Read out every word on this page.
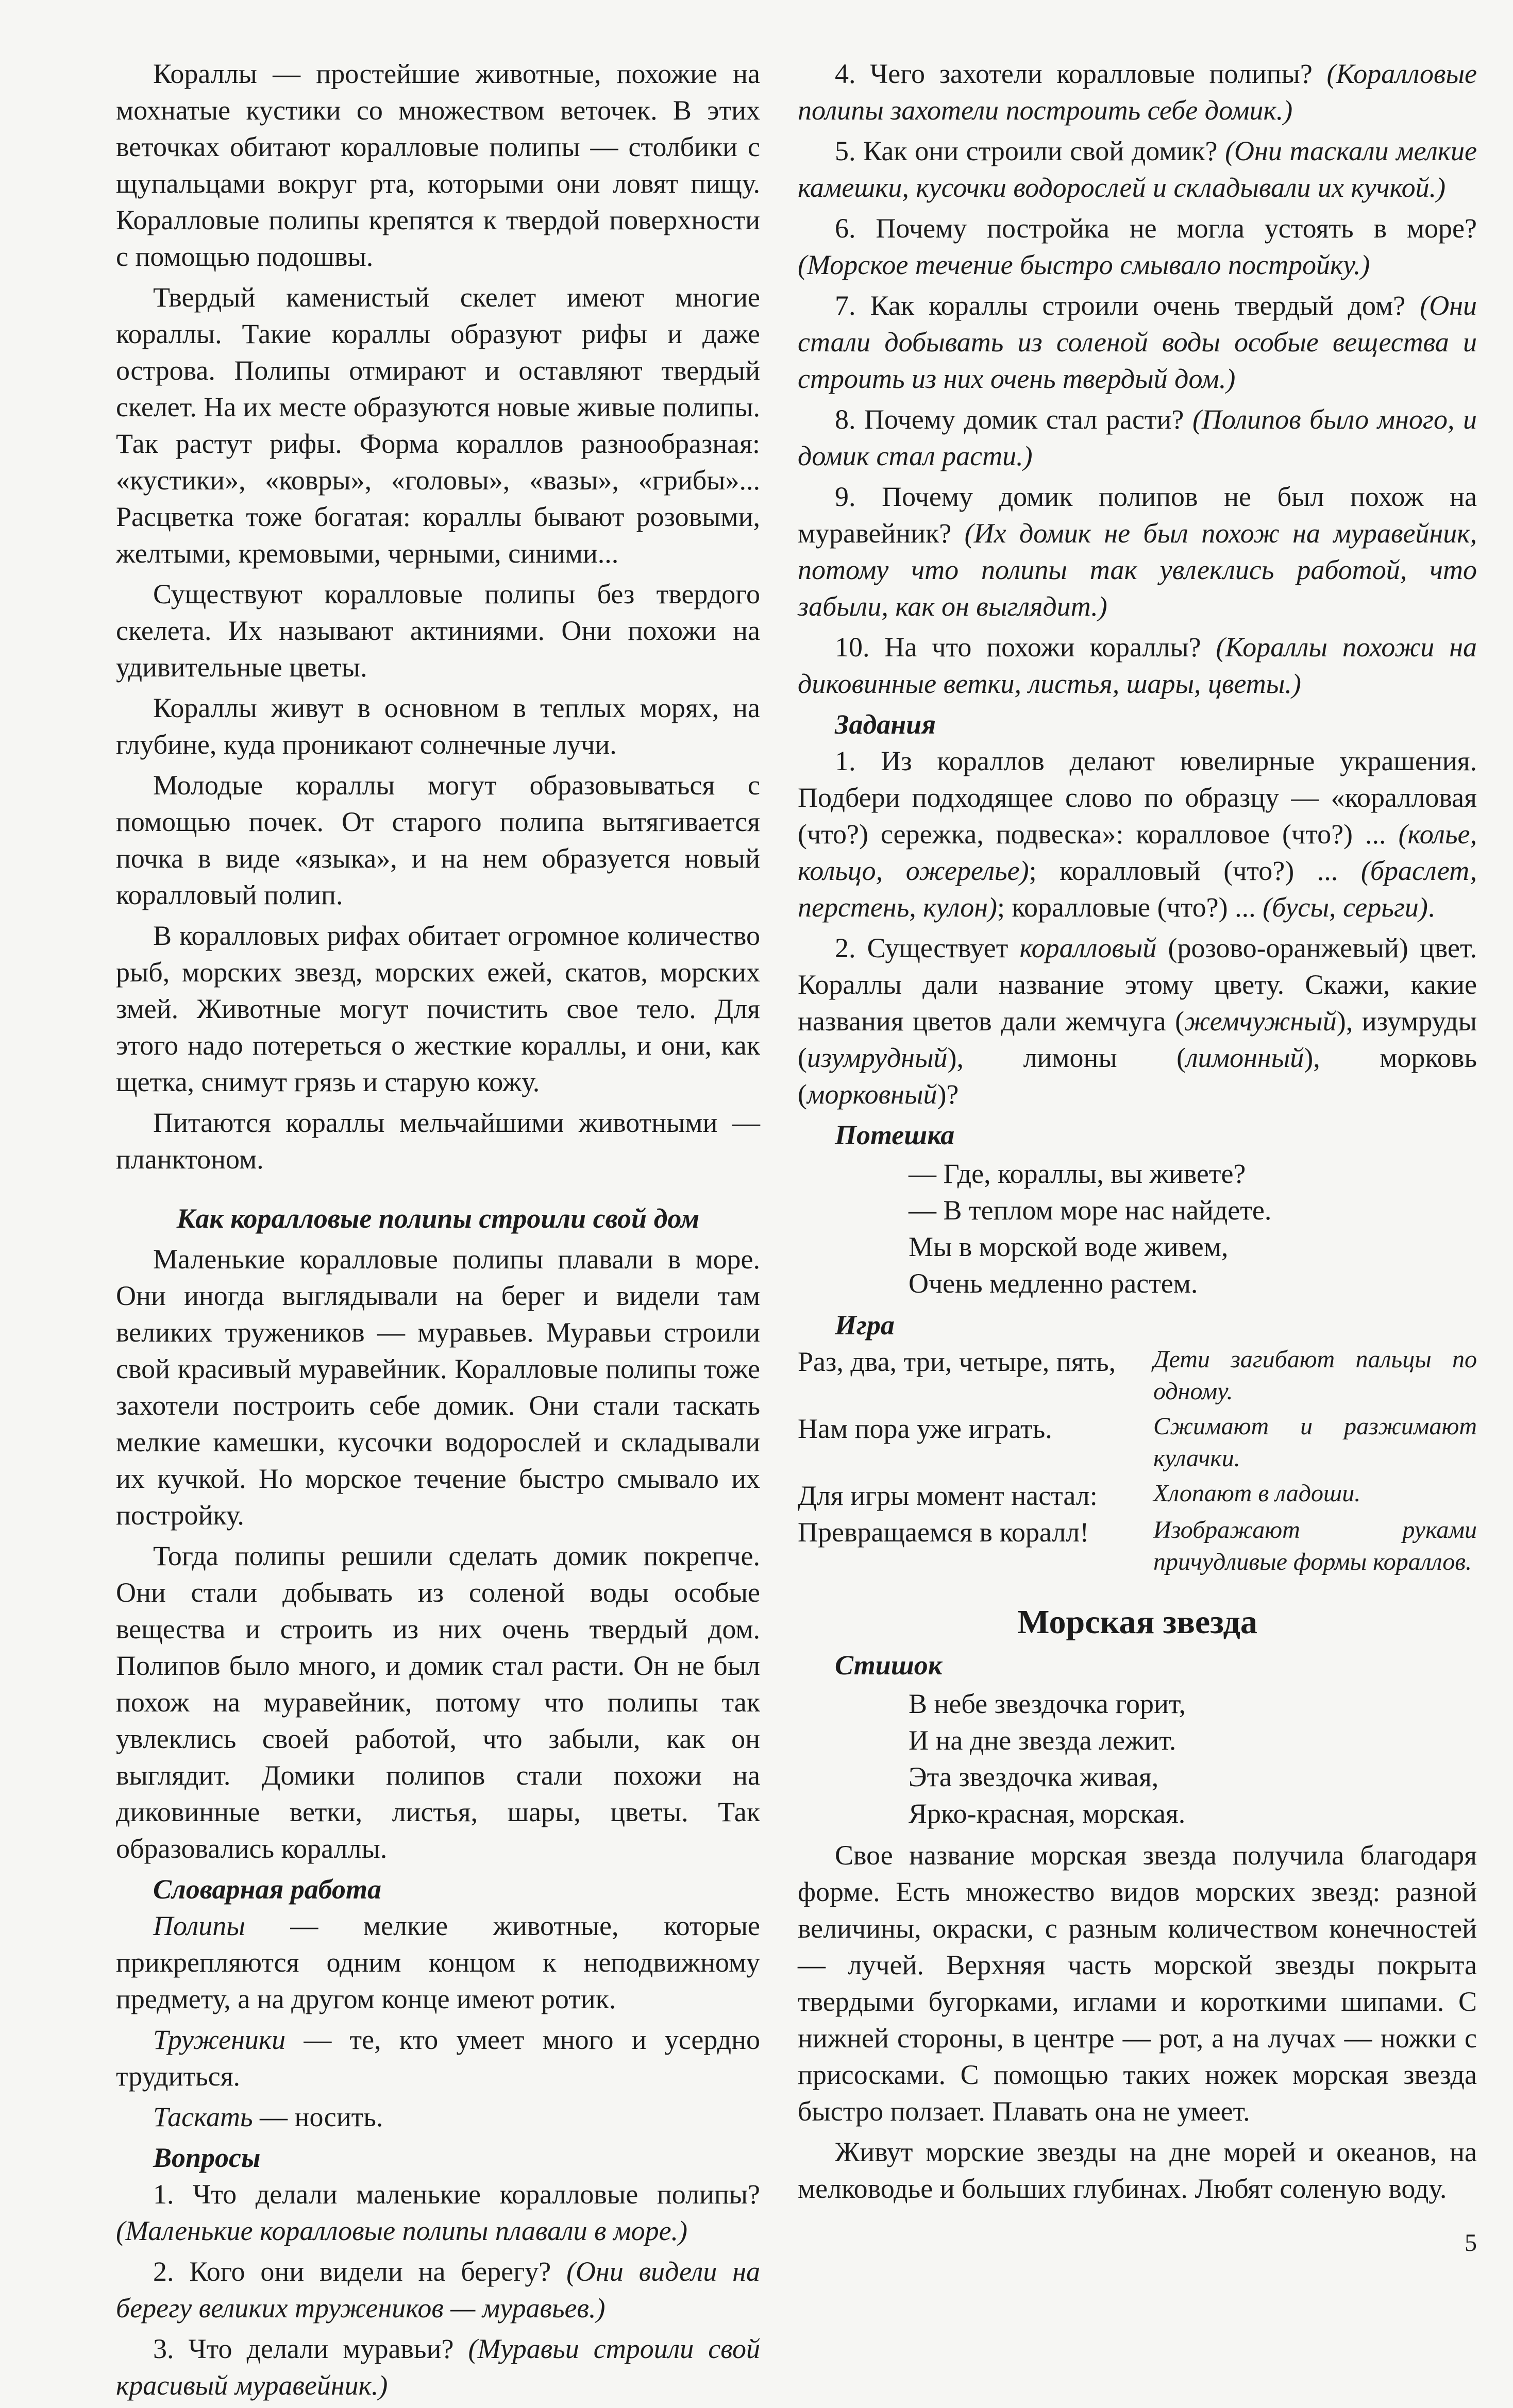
Кораллы — простейшие животные, похожие на мохнатые кустики со множеством веточек. В этих веточках обитают коралловые полипы — столбики с щупальцами вокруг рта, которыми они ловят пищу. Коралловые полипы крепятся к твердой поверхности с помощью подошвы.

Твердый каменистый скелет имеют многие кораллы. Такие кораллы образуют рифы и даже острова. Полипы отмирают и оставляют твердый скелет. На их месте образуются новые живые полипы. Так растут рифы. Форма кораллов разнообразная: «кустики», «ковры», «головы», «вазы», «грибы»... Расцветка тоже богатая: кораллы бывают розовыми, желтыми, кремовыми, черными, синими...

Существуют коралловые полипы без твердого скелета. Их называют актиниями. Они похожи на удивительные цветы.

Кораллы живут в основном в теплых морях, на глубине, куда проникают солнечные лучи.

Молодые кораллы могут образовываться с помощью почек. От старого полипа вытягивается почка в виде «языка», и на нем образуется новый коралловый полип.

В коралловых рифах обитает огромное количество рыб, морских звезд, морских ежей, скатов, морских змей. Животные могут почистить свое тело. Для этого надо потереться о жесткие кораллы, и они, как щетка, снимут грязь и старую кожу.

Питаются кораллы мельчайшими животными — планктоном.

Как коралловые полипы строили свой дом

Маленькие коралловые полипы плавали в море. Они иногда выглядывали на берег и видели там великих тружеников — муравьев. Муравьи строили свой красивый муравейник. Коралловые полипы тоже захотели построить себе домик. Они стали таскать мелкие камешки, кусочки водорослей и складывали их кучкой. Но морское течение быстро смывало их постройку.

Тогда полипы решили сделать домик покрепче. Они стали добывать из соленой воды особые вещества и строить из них очень твердый дом. Полипов было много, и домик стал расти. Он не был похож на муравейник, потому что полипы так увлеклись своей работой, что забыли, как он выглядит. Домики полипов стали похожи на диковинные ветки, листья, шары, цветы. Так образовались кораллы.

Словарная работа

Полипы — мелкие животные, которые прикрепляются одним концом к неподвижному предмету, а на другом конце имеют ротик.

Труженики — те, кто умеет много и усердно трудиться.

Таскать — носить.

Вопросы

1. Что делали маленькие коралловые полипы? (Маленькие коралловые полипы плавали в море.)

2. Кого они видели на берегу? (Они видели на берегу великих тружеников — муравьев.)

3. Что делали муравьи? (Муравьи строили свой красивый муравейник.)

4. Чего захотели коралловые полипы? (Коралловые полипы захотели построить себе домик.)

5. Как они строили свой домик? (Они таскали мелкие камешки, кусочки водорослей и складывали их кучкой.)

6. Почему постройка не могла устоять в море? (Морское течение быстро смывало постройку.)

7. Как кораллы строили очень твердый дом? (Они стали добывать из соленой воды особые вещества и строить из них очень твердый дом.)

8. Почему домик стал расти? (Полипов было много, и домик стал расти.)

9. Почему домик полипов не был похож на муравейник? (Их домик не был похож на муравейник, потому что полипы так увлеклись работой, что забыли, как он выглядит.)

10. На что похожи кораллы? (Кораллы похожи на диковинные ветки, листья, шары, цветы.)

Задания

1. Из кораллов делают ювелирные украшения. Подбери подходящее слово по образцу — «коралловая (что?) сережка, подвеска»: коралловое (что?) ... (колье, кольцо, ожерелье); коралловый (что?) ... (браслет, перстень, кулон); коралловые (что?) ... (бусы, серьги).

2. Существует коралловый (розово-оранжевый) цвет. Кораллы дали название этому цвету. Скажи, какие названия цветов дали жемчуга (жемчужный), изумруды (изумрудный), лимоны (лимонный), морковь (морковный)?

Потешка
— Где, кораллы, вы живете?
— В теплом море нас найдете.
Мы в морской воде живем,
Очень медленно растем.
Игра
Раз, два, три, четыре, пять,	Дети загибают пальцы по одному.
Нам пора уже играть.	Сжимают и разжимают кулачки.
Для игры момент настал:	Хлопают в ладоши.
Превращаемся в коралл!	Изображают руками причудливые формы кораллов.
Морская звезда
Стишок
В небе звездочка горит,
И на дне звезда лежит.
Эта звездочка живая,
Ярко-красная, морская.

Свое название морская звезда получила благодаря форме. Есть множество видов морских звезд: разной величины, окраски, с разным количеством конечностей — лучей. Верхняя часть морской звезды покрыта твердыми бугорками, иглами и короткими шипами. С нижней стороны, в центре — рот, а на лучах — ножки с присосками. С помощью таких ножек морская звезда быстро ползает. Плавать она не умеет.

Живут морские звезды на дне морей и океанов, на мелководье и больших глубинах. Любят соленую воду.

5
